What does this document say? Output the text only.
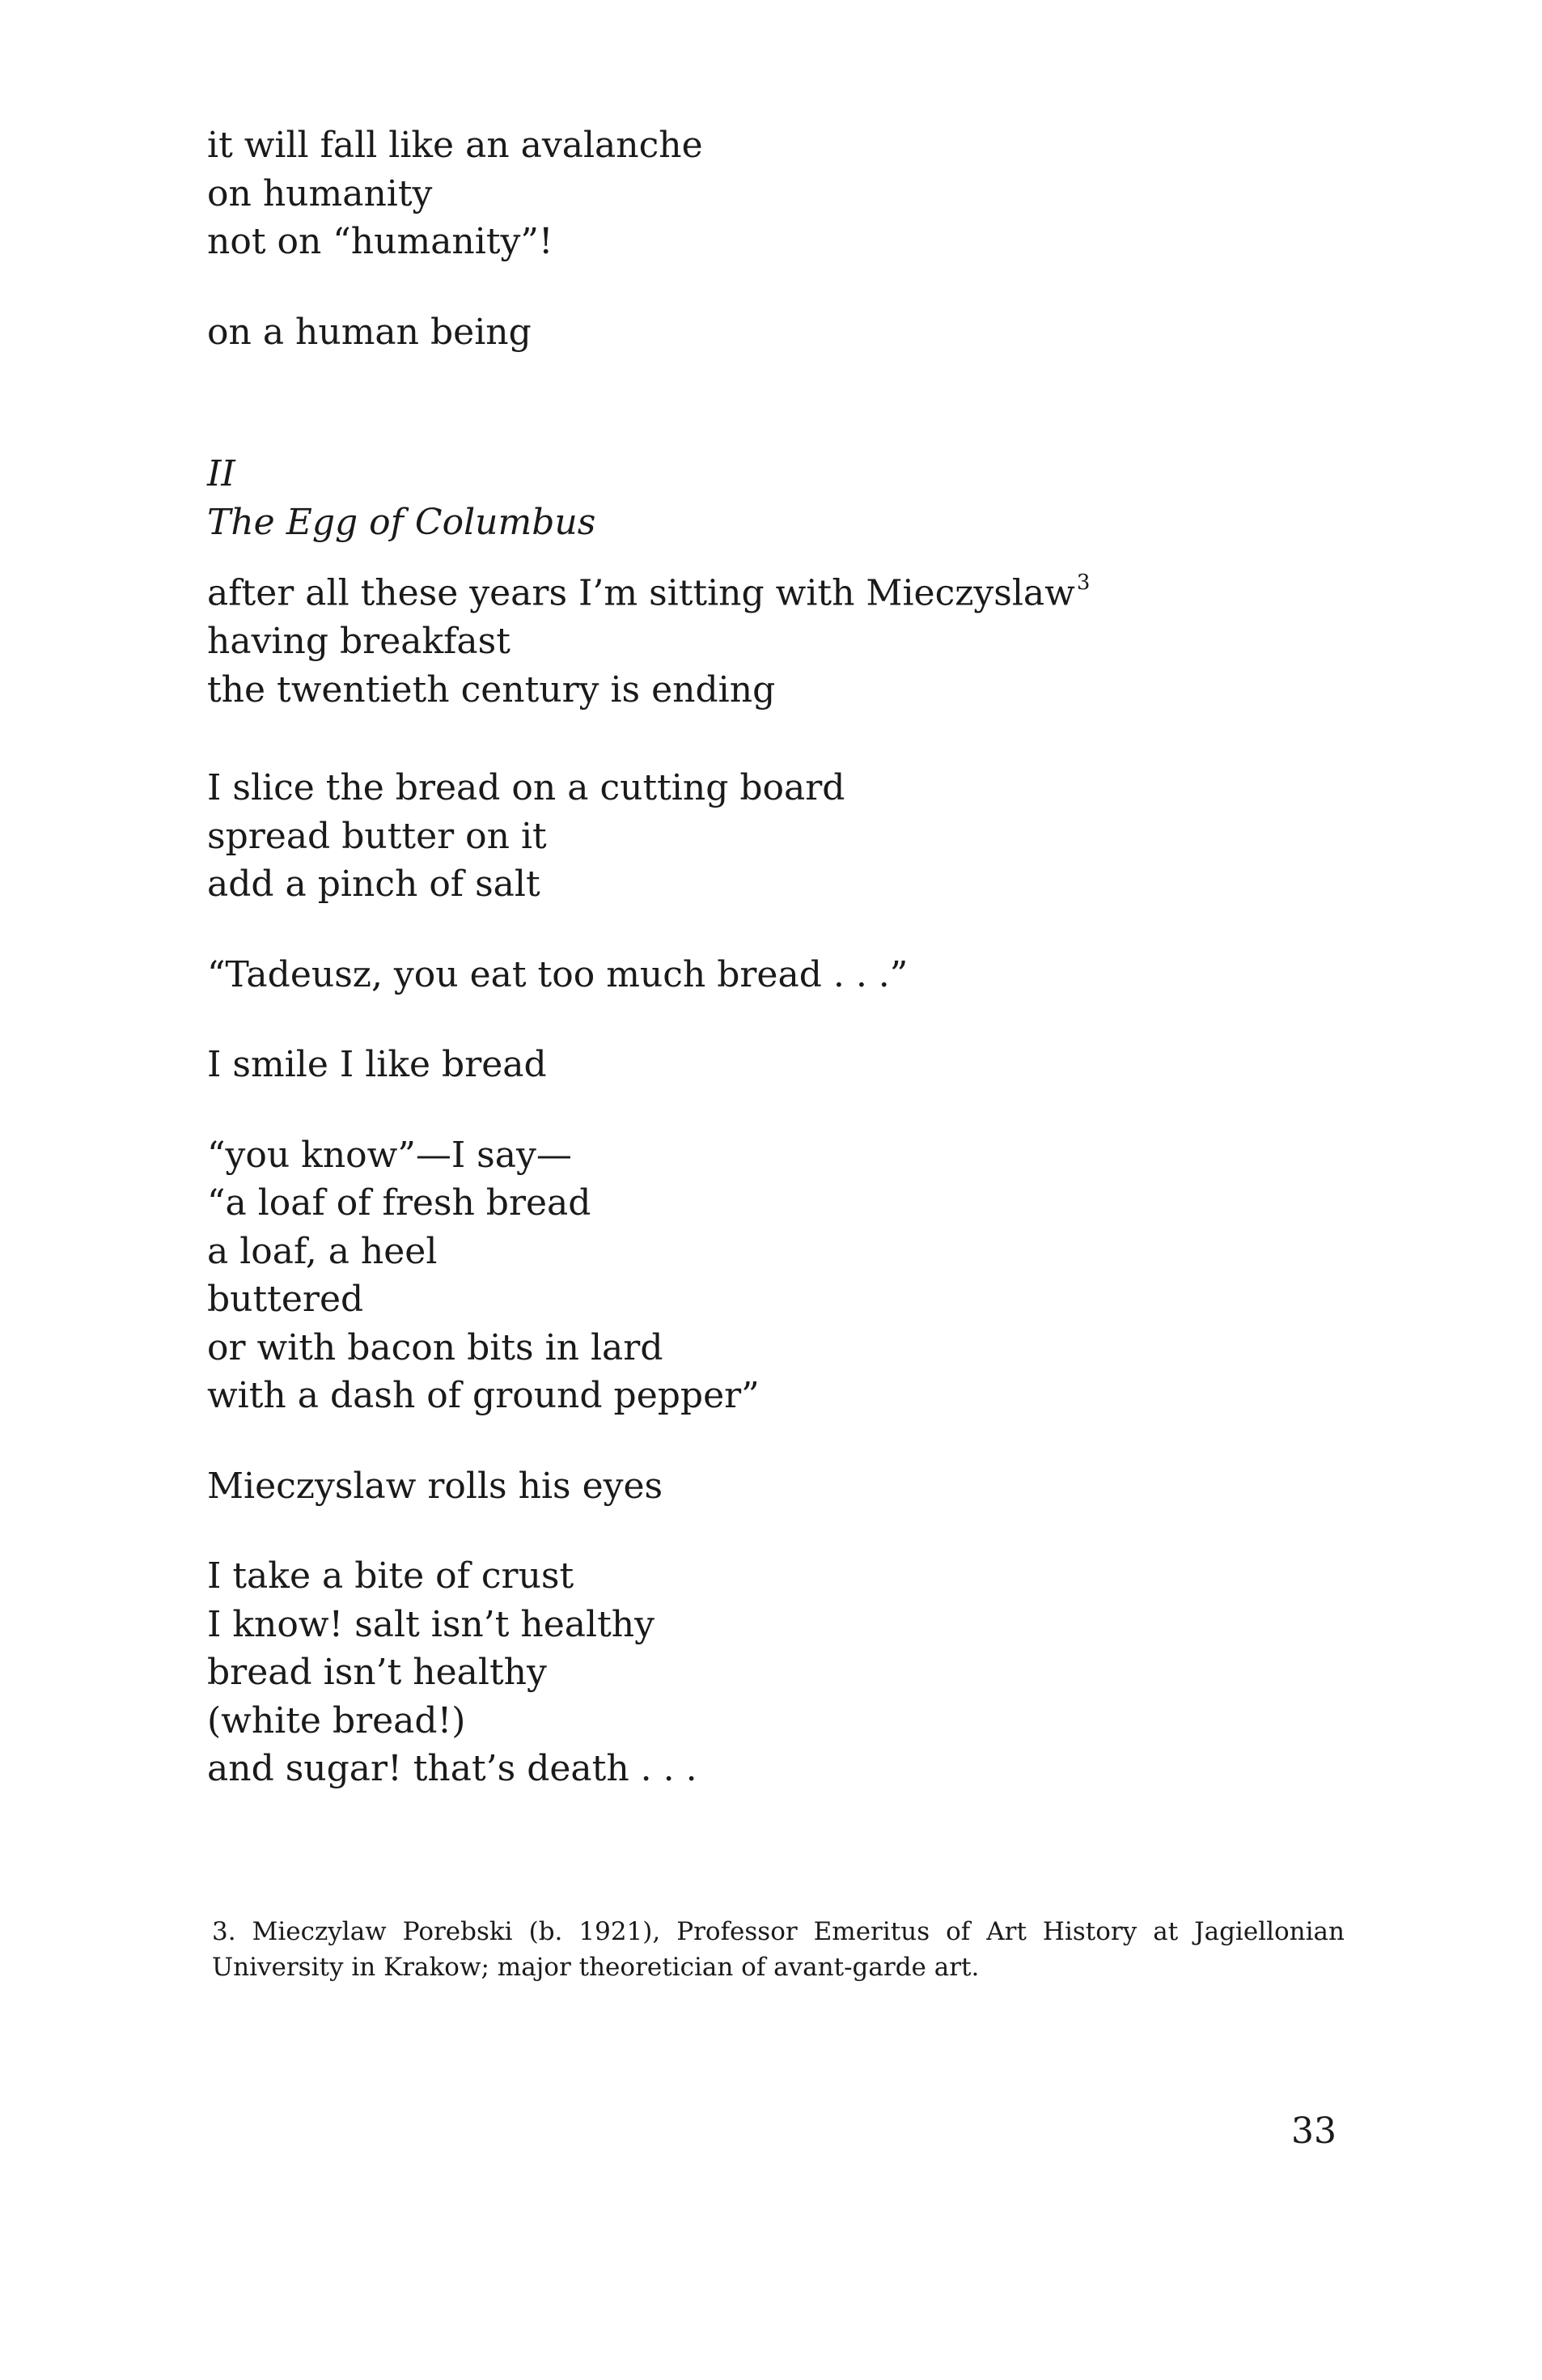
it will fall like an avalanche
on humanity
not on “humanity”!
on a human being
II
The Egg of Columbus
after all these years I’m sitting with Mieczyslaw$^3$
having breakfast
the twentieth century is ending
I slice the bread on a cutting board
spread butter on it
add a pinch of salt
“Tadeusz, you eat too much bread . . .”
I smile I like bread
“you know”—I say—
“a loaf of fresh bread
a loaf, a heel
buttered
or with bacon bits in lard
with a dash of ground pepper”
Mieczyslaw rolls his eyes
I take a bite of crust
I know! salt isn’t healthy
bread isn’t healthy
(white bread!)
and sugar! that’s death . . .
3. Mieczylaw Porebski (b. 1921), Professor Emeritus of Art History at Jagiellonian University in Krakow; major theoretician of avant-garde art.
33
